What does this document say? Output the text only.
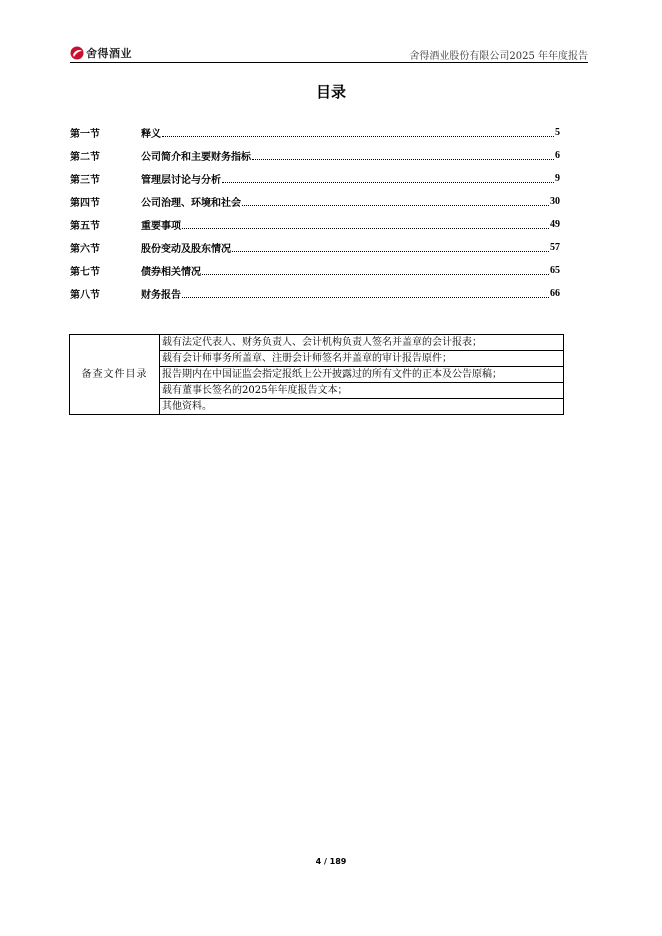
舍得酒业	舍得酒业股份有限公司2025 年年度报告
目录
第一节	释义	5
第二节	公司简介和主要财务指标	6
第三节	管理层讨论与分析	9
第四节	公司治理、环境和社会	30
第五节	重要事项	49
第六节	股份变动及股东情况	57
第七节	债券相关情况	65
第八节	财务报告	66
备查文件目录	载有法定代表人、财务负责人、会计机构负责人签名并盖章的会计报表；
载有会计师事务所盖章、注册会计师签名并盖章的审计报告原件；
报告期内在中国证监会指定报纸上公开披露过的所有文件的正本及公告原稿；
载有董事长签名的2025年年度报告文本；
其他资料。
4 / 189
